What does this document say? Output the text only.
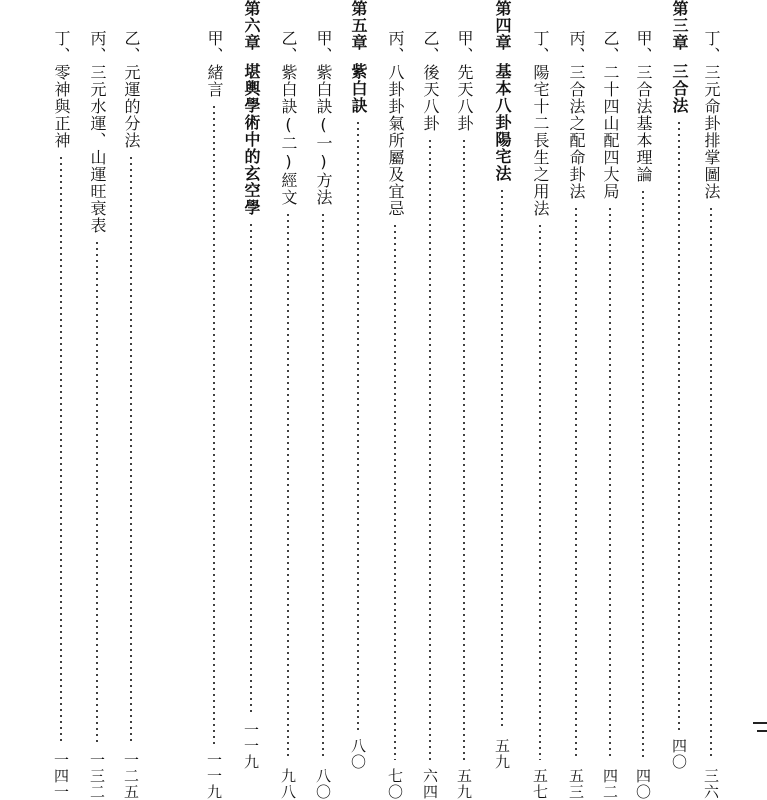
丁、三元命卦排掌圖法
三六
第三章
三合法
四〇
甲、三合法基本理論
四〇
乙、二十四山配四大局
四二
丙、三合法之配命卦法
五三
丁、陽宅十二長生之用法
五七
第四章
基本八卦陽宅法
五九
甲、先天八卦
五九
乙、後天八卦
六四
丙、八卦卦氣所屬及宜忌
七〇
第五章
紫白訣
八〇
甲、紫白訣(一)方法
八〇
乙、紫白訣(二)經文
九八
第六章
堪輿學術中的玄空學
一一九
甲、緒言
一一九
乙、元運的分法
一二五
丙、三元水運、山運旺衰表
一三二
丁、零神與正神
一四一
